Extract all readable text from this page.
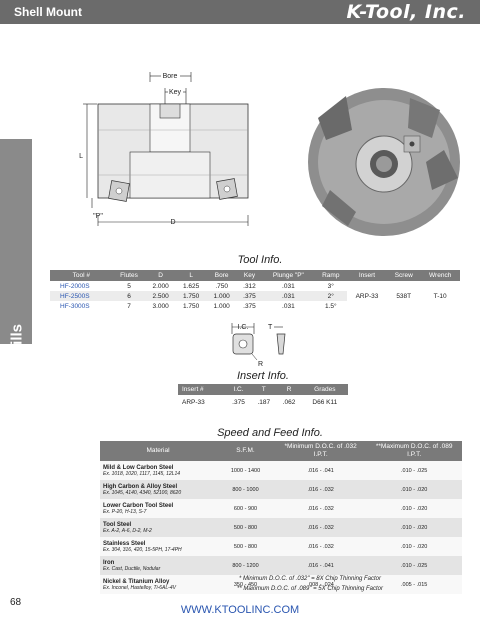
Shell Mount	K-Tool, Inc.
High Feed Mills
Bore
Key
L
"P"
D
Tool Info.
Tool #	Flutes	D	L	Bore	Key	Plunge "P"	Ramp	Insert	Screw	Wrench
HF-2000S	5	2.000	1.625	.750	.312	.031	3°	ARP-33	538T	T-10
HF-2500S	6	2.500	1.750	1.000	.375	.031	2°			
HF-3000S	7	3.000	1.750	1.000	.375	.031	1.5°			
I.C.
R
T
Insert Info.
Insert #	I.C.	T	R	Grades
ARP-33	.375	.187	.062	D66 K11
Speed and Feed Info.
Material	S.F.M.	*Minimum D.O.C. of .032 I.P.T.	**Maximum D.O.C. of .089 I.P.T.

Mild & Low Carbon Steel
Ex. 1018, 1020, 1117, 1145, 12L14	1000 - 1400	.016 - .041	.010 - .025

High Carbon & Alloy Steel
Ex. 1045, 4140, 4340, 52100, 8620	800 - 1000	.016 - .032	.010 - .020

Lower Carbon Tool Steel
Ex. P-20, H-13, S-7	600 - 900	.016 - .032	.010 - .020

Tool Steel
Ex. A-2, A-6, D-2, M-2	500 - 800	.016 - .032	.010 - .020

Stainless Steel
Ex. 304, 316, 420, 15-5PH, 17-4PH	500 - 800	.016 - .032	.010 - .020

Iron
Ex. Cast, Ductile, Nodular	800 - 1200	.016 - .041	.010 - .025

Nickel & Titanium Alloy
Ex. Inconel, Hastelloy, Ti-6AL-4V	350 - 450	.008 - .024	.005 - .015
* Minimum D.O.C. of .032" = 8X Chip Thinning Factor
** Maximum D.O.C. of .089" = 5X Chip Thinning Factor
68
WWW.KTOOLINC.COM
